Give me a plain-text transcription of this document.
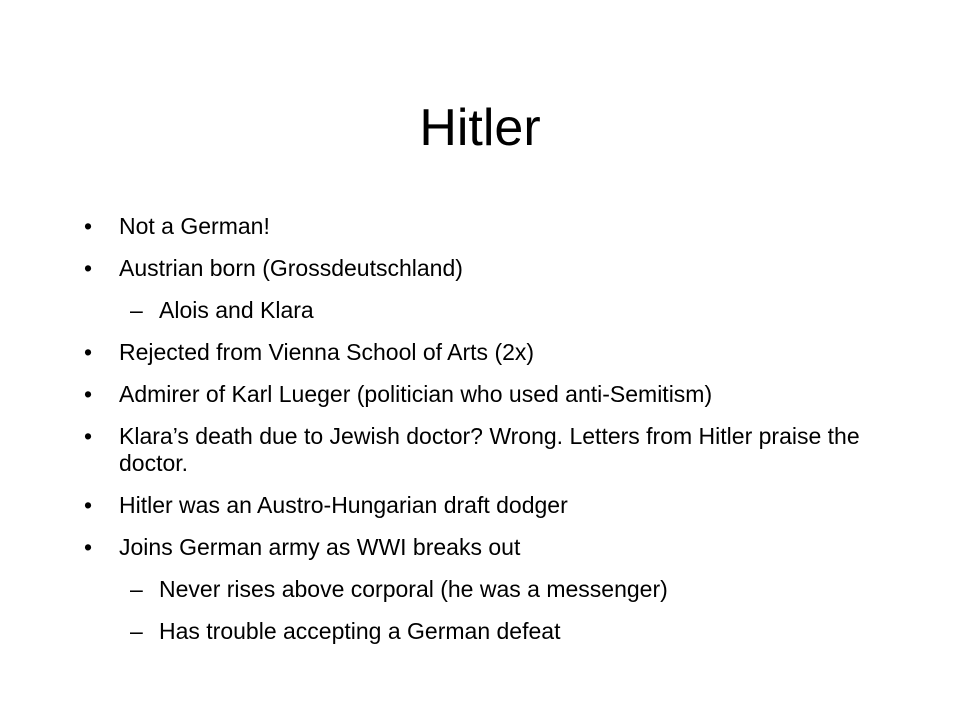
Hitler
• Not a German!
• Austrian born (Grossdeutschland)
– Alois and Klara
• Rejected from Vienna School of Arts (2x)
• Admirer of Karl Lueger (politician who used anti-Semitism)
• Klara’s death due to Jewish doctor? Wrong. Letters from Hitler praise the doctor.
• Hitler was an Austro-Hungarian draft dodger
• Joins German army as WWI breaks out
– Never rises above corporal (he was a messenger)
– Has trouble accepting a German defeat
